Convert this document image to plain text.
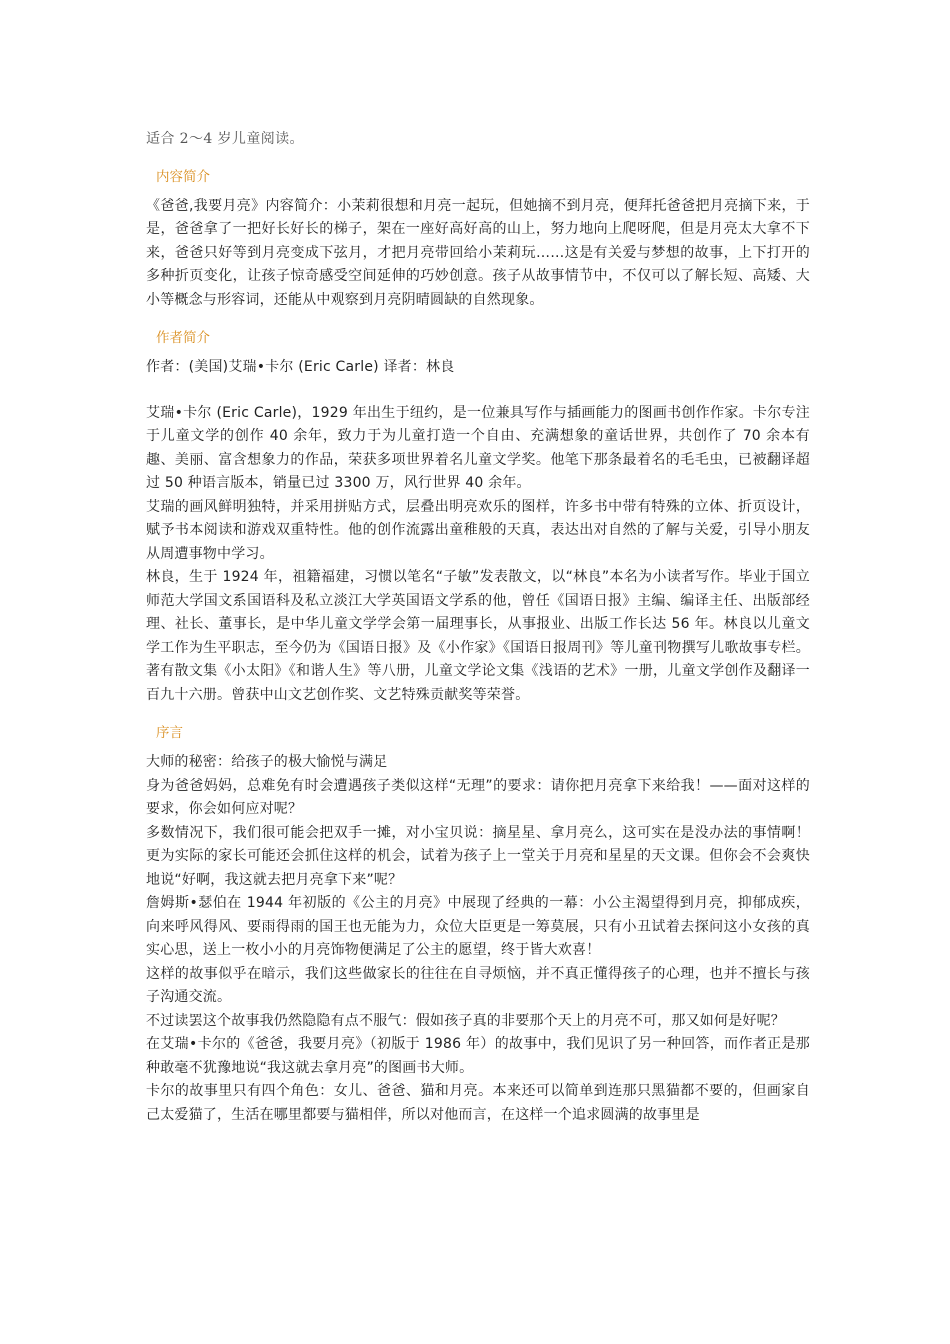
适合 2～4 岁儿童阅读。

内容简介

《爸爸,我要月亮》内容简介：小茉莉很想和月亮一起玩，但她摘不到月亮，便拜托爸爸把月亮摘下来，于是，爸爸拿了一把好长好长的梯子，架在一座好高好高的山上，努力地向上爬呀爬，但是月亮太大拿不下来，爸爸只好等到月亮变成下弦月，才把月亮带回给小茉莉玩……这是有关爱与梦想的故事，上下打开的多种折页变化，让孩子惊奇感受空间延伸的巧妙创意。孩子从故事情节中，不仅可以了解长短、高矮、大小等概念与形容词，还能从中观察到月亮阴晴圆缺的自然现象。

作者简介

作者：(美国)艾瑞•卡尔 (Eric Carle) 译者：林良

艾瑞•卡尔 (Eric Carle)，1929 年出生于纽约，是一位兼具写作与插画能力的图画书创作作家。卡尔专注于儿童文学的创作 40 余年，致力于为儿童打造一个自由、充满想象的童话世界，共创作了 70 余本有趣、美丽、富含想象力的作品，荣获多项世界着名儿童文学奖。他笔下那条最着名的毛毛虫，已被翻译超过 50 种语言版本，销量已过 3300 万，风行世界 40 余年。

艾瑞的画风鲜明独特，并采用拼贴方式，层叠出明亮欢乐的图样，许多书中带有特殊的立体、折页设计，赋予书本阅读和游戏双重特性。他的创作流露出童稚般的天真，表达出对自然的了解与关爱，引导小朋友从周遭事物中学习。

林良，生于 1924 年，祖籍福建，习惯以笔名“子敏”发表散文，以“林良”本名为小读者写作。毕业于国立师范大学国文系国语科及私立淡江大学英国语文学系的他，曾任《国语日报》主编、编译主任、出版部经理、社长、董事长，是中华儿童文学学会第一届理事长，从事报业、出版工作长达 56 年。林良以儿童文学工作为生平职志，至今仍为《国语日报》及《小作家》《国语日报周刊》等儿童刊物撰写儿歌故事专栏。著有散文集《小太阳》《和谐人生》等八册，儿童文学论文集《浅语的艺术》一册，儿童文学创作及翻译一百九十六册。曾获中山文艺创作奖、文艺特殊贡献奖等荣誉。

序言

大师的秘密：给孩子的极大愉悦与满足

身为爸爸妈妈，总难免有时会遭遇孩子类似这样“无理”的要求：请你把月亮拿下来给我！——面对这样的要求，你会如何应对呢？

多数情况下，我们很可能会把双手一摊，对小宝贝说：摘星星、拿月亮么，这可实在是没办法的事情啊！更为实际的家长可能还会抓住这样的机会，试着为孩子上一堂关于月亮和星星的天文课。但你会不会爽快地说“好啊，我这就去把月亮拿下来”呢？

詹姆斯•瑟伯在 1944 年初版的《公主的月亮》中展现了经典的一幕：小公主渴望得到月亮，抑郁成疾，向来呼风得风、要雨得雨的国王也无能为力，众位大臣更是一筹莫展，只有小丑试着去探问这小女孩的真实心思，送上一枚小小的月亮饰物便满足了公主的愿望，终于皆大欢喜！

这样的故事似乎在暗示，我们这些做家长的往往在自寻烦恼，并不真正懂得孩子的心理，也并不擅长与孩子沟通交流。

不过读罢这个故事我仍然隐隐有点不服气：假如孩子真的非要那个天上的月亮不可，那又如何是好呢？

在艾瑞•卡尔的《爸爸，我要月亮》（初版于 1986 年）的故事中，我们见识了另一种回答，而作者正是那种敢毫不犹豫地说“我这就去拿月亮”的图画书大师。

卡尔的故事里只有四个角色：女儿、爸爸、猫和月亮。本来还可以简单到连那只黑猫都不要的，但画家自己太爱猫了，生活在哪里都要与猫相伴，所以对他而言，在这样一个追求圆满的故事里是
